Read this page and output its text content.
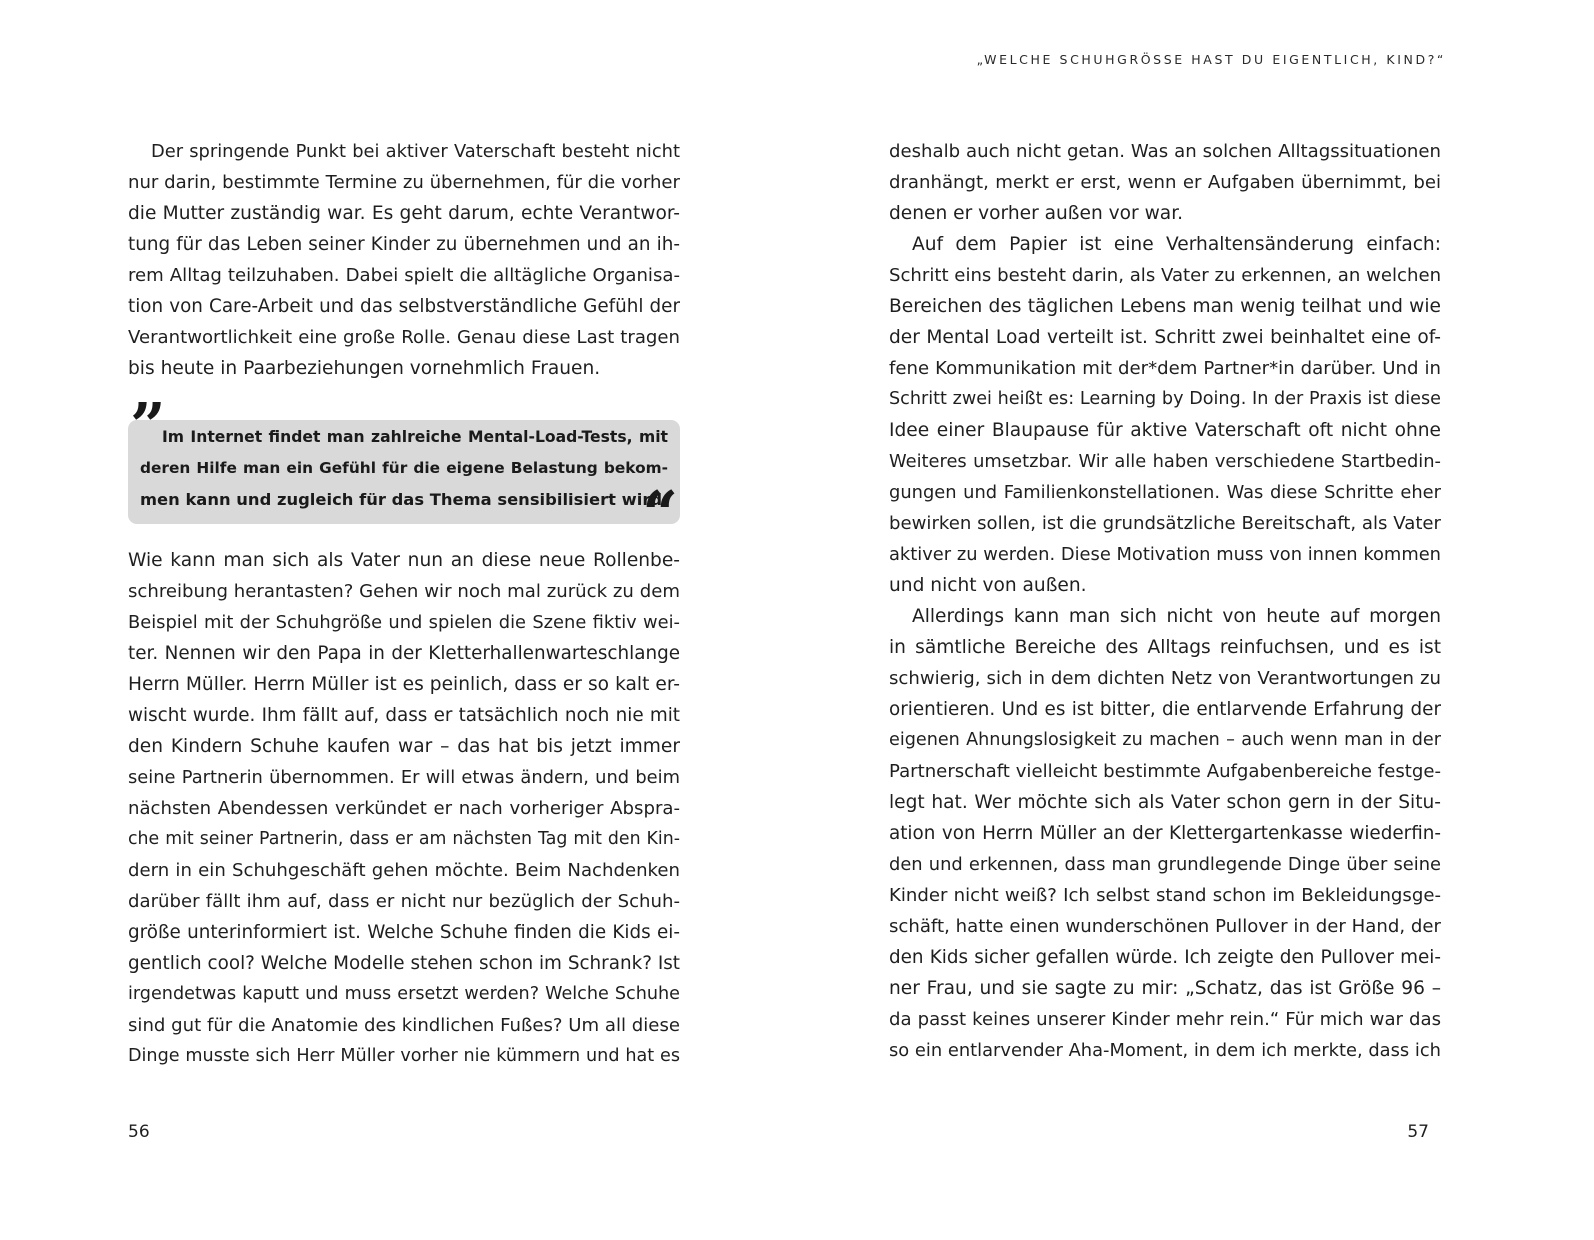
Der springende Punkt bei aktiver Vaterschaft besteht nicht
nur darin, bestimmte Termine zu übernehmen, für die vorher
die Mutter zuständig war. Es geht darum, echte Verantwor-
tung für das Leben seiner Kinder zu übernehmen und an ih-
rem Alltag teilzuhaben. Dabei spielt die alltägliche Organisa-
tion von Care-Arbeit und das selbstverständliche Gefühl der
Verantwortlichkeit eine große Rolle. Genau diese Last tragen
bis heute in Paarbeziehungen vornehmlich Frauen.
”
Im Internet findet man zahlreiche Mental-Load-Tests, mit
deren Hilfe man ein Gefühl für die eigene Belastung bekom-
men kann und zugleich für das Thema sensibilisiert wird.
“
Wie kann man sich als Vater nun an diese neue Rollenbe-
schreibung herantasten? Gehen wir noch mal zurück zu dem
Beispiel mit der Schuhgröße und spielen die Szene fiktiv wei-
ter. Nennen wir den Papa in der Kletterhallenwarteschlange
Herrn Müller. Herrn Müller ist es peinlich, dass er so kalt er-
wischt wurde. Ihm fällt auf, dass er tatsächlich noch nie mit
den Kindern Schuhe kaufen war – das hat bis jetzt immer
seine Partnerin übernommen. Er will etwas ändern, und beim
nächsten Abendessen verkündet er nach vorheriger Abspra-
che mit seiner Partnerin, dass er am nächsten Tag mit den Kin-
dern in ein Schuhgeschäft gehen möchte. Beim Nachdenken
darüber fällt ihm auf, dass er nicht nur bezüglich der Schuh-
größe unterinformiert ist. Welche Schuhe finden die Kids ei-
gentlich cool? Welche Modelle stehen schon im Schrank? Ist
irgendetwas kaputt und muss ersetzt werden? Welche Schuhe
sind gut für die Anatomie des kindlichen Fußes? Um all diese
Dinge musste sich Herr Müller vorher nie kümmern und hat es
56
„WELCHE SCHUHGRÖSSE HAST DU EIGENTLICH, KIND?“
deshalb auch nicht getan. Was an solchen Alltagssituationen
dranhängt, merkt er erst, wenn er Aufgaben übernimmt, bei
denen er vorher außen vor war.
Auf dem Papier ist eine Verhaltensänderung einfach:
Schritt eins besteht darin, als Vater zu erkennen, an welchen
Bereichen des täglichen Lebens man wenig teilhat und wie
der Mental Load verteilt ist. Schritt zwei beinhaltet eine of-
fene Kommunikation mit der*dem Partner*in darüber. Und in
Schritt zwei heißt es: Learning by Doing. In der Praxis ist diese
Idee einer Blaupause für aktive Vaterschaft oft nicht ohne
Weiteres umsetzbar. Wir alle haben verschiedene Startbedin-
gungen und Familienkonstellationen. Was diese Schritte eher
bewirken sollen, ist die grundsätzliche Bereitschaft, als Vater
aktiver zu werden. Diese Motivation muss von innen kommen
und nicht von außen.
Allerdings kann man sich nicht von heute auf morgen
in sämtliche Bereiche des Alltags reinfuchsen, und es ist
schwierig, sich in dem dichten Netz von Verantwortungen zu
orientieren. Und es ist bitter, die entlarvende Erfahrung der
eigenen Ahnungslosigkeit zu machen – auch wenn man in der
Partnerschaft vielleicht bestimmte Aufgabenbereiche festge-
legt hat. Wer möchte sich als Vater schon gern in der Situ-
ation von Herrn Müller an der Klettergartenkasse wiederfin-
den und erkennen, dass man grundlegende Dinge über seine
Kinder nicht weiß? Ich selbst stand schon im Bekleidungsge-
schäft, hatte einen wunderschönen Pullover in der Hand, der
den Kids sicher gefallen würde. Ich zeigte den Pullover mei-
ner Frau, und sie sagte zu mir: „Schatz, das ist Größe 96 –
da passt keines unserer Kinder mehr rein.“ Für mich war das
so ein entlarvender Aha-Moment, in dem ich merkte, dass ich
57
